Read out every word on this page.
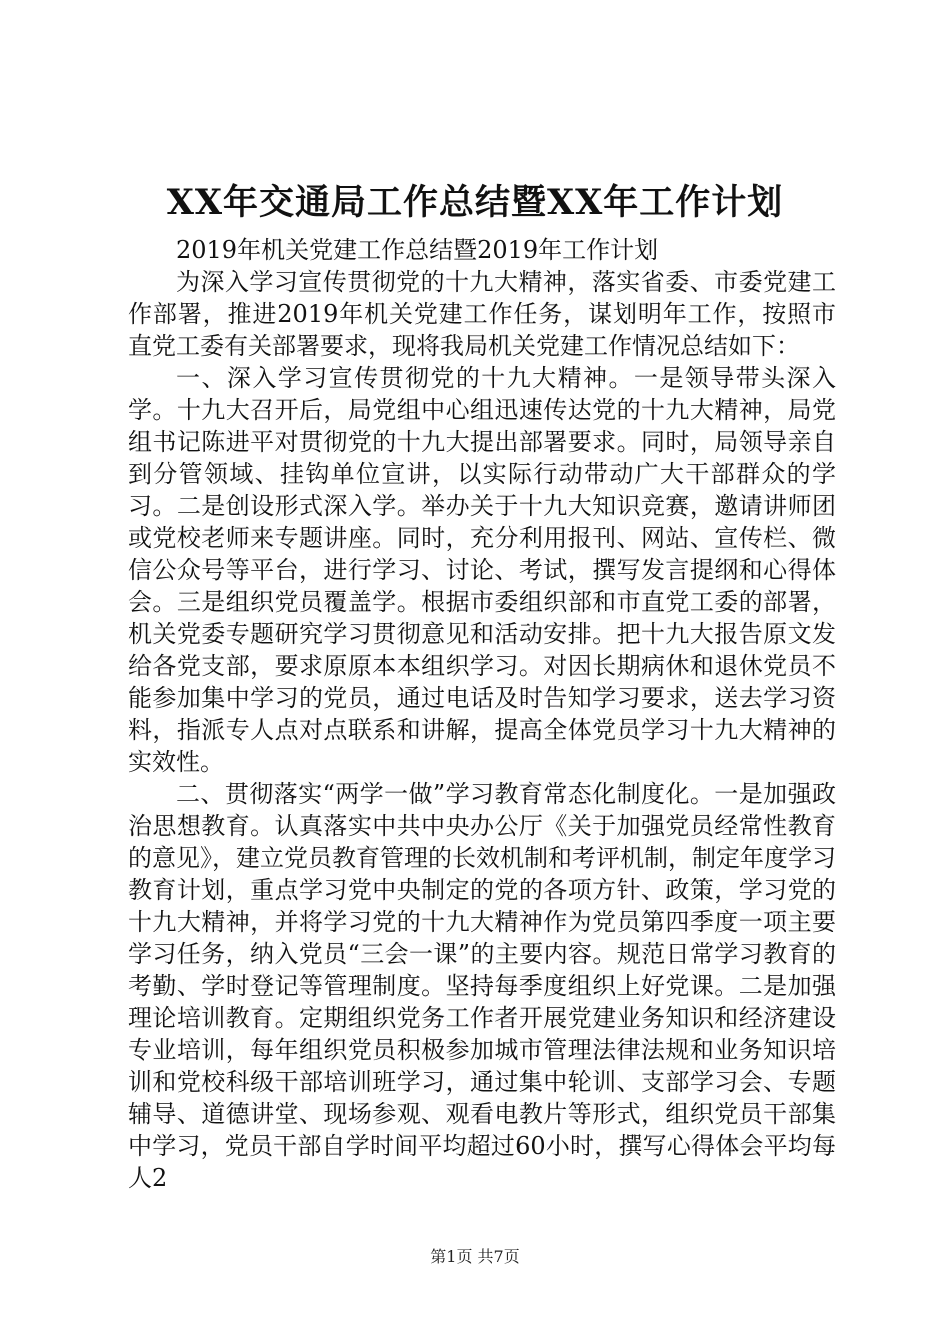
XX年交通局工作总结暨XX年工作计划

2019年机关党建工作总结暨2019年工作计划

为深入学习宣传贯彻党的十九大精神，落实省委、市委党建工作部署，推进2019年机关党建工作任务，谋划明年工作，按照市直党工委有关部署要求，现将我局机关党建工作情况总结如下：

一、深入学习宣传贯彻党的十九大精神。一是领导带头深入学。十九大召开后，局党组中心组迅速传达党的十九大精神，局党组书记陈进平对贯彻党的十九大提出部署要求。同时，局领导亲自到分管领域、挂钩单位宣讲，以实际行动带动广大干部群众的学习。二是创设形式深入学。举办关于十九大知识竞赛，邀请讲师团或党校老师来专题讲座。同时，充分利用报刊、网站、宣传栏、微信公众号等平台，进行学习、讨论、考试，撰写发言提纲和心得体会。三是组织党员覆盖学。根据市委组织部和市直党工委的部署，机关党委专题研究学习贯彻意见和活动安排。把十九大报告原文发给各党支部，要求原原本本组织学习。对因长期病休和退休党员不能参加集中学习的党员，通过电话及时告知学习要求，送去学习资料，指派专人点对点联系和讲解，提高全体党员学习十九大精神的实效性。

二、贯彻落实“两学一做”学习教育常态化制度化。一是加强政治思想教育。认真落实中共中央办公厅《关于加强党员经常性教育的意见》，建立党员教育管理的长效机制和考评机制，制定年度学习教育计划，重点学习党中央制定的党的各项方针、政策，学习党的十九大精神，并将学习党的十九大精神作为党员第四季度一项主要学习任务，纳入党员“三会一课”的主要内容。规范日常学习教育的考勤、学时登记等管理制度。坚持每季度组织上好党课。二是加强理论培训教育。定期组织党务工作者开展党建业务知识和经济建设专业培训，每年组织党员积极参加城市管理法律法规和业务知识培训和党校科级干部培训班学习，通过集中轮训、支部学习会、专题辅导、道德讲堂、现场参观、观看电教片等形式，组织党员干部集中学习，党员干部自学时间平均超过60小时，撰写心得体会平均每人2

第1页 共7页
